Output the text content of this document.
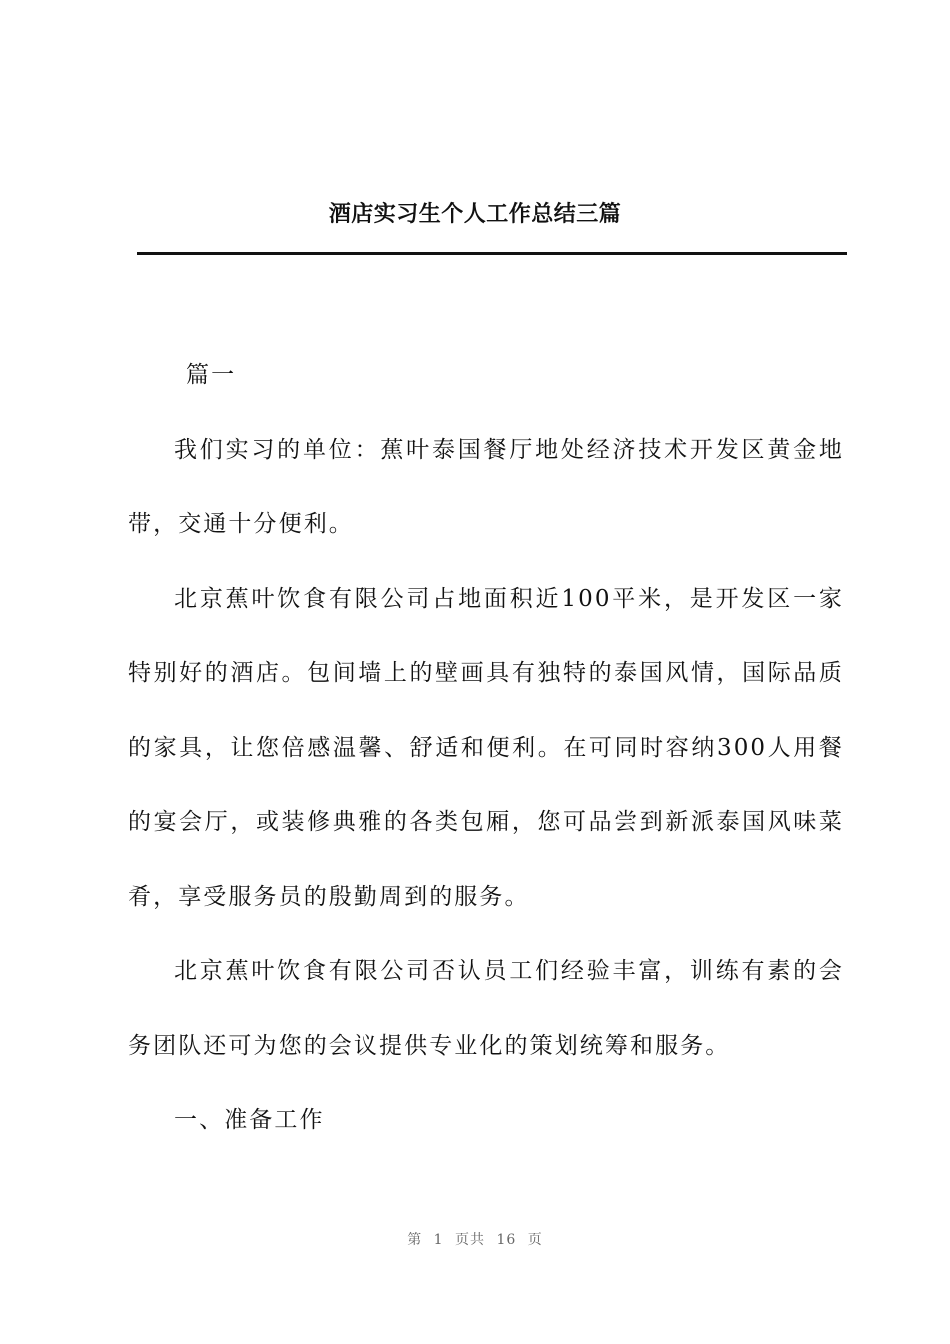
酒店实习生个人工作总结三篇

篇一

我们实习的单位：蕉叶泰国餐厅地处经济技术开发区黄金地带，交通十分便利。

北京蕉叶饮食有限公司占地面积近100平米，是开发区一家特别好的酒店。包间墙上的壁画具有独特的泰国风情，国际品质的家具，让您倍感温馨、舒适和便利。在可同时容纳300人用餐的宴会厅，或装修典雅的各类包厢，您可品尝到新派泰国风味菜肴，享受服务员的殷勤周到的服务。

北京蕉叶饮食有限公司否认员工们经验丰富，训练有素的会务团队还可为您的会议提供专业化的策划统筹和服务。

一、准备工作

第 1 页共 16 页
